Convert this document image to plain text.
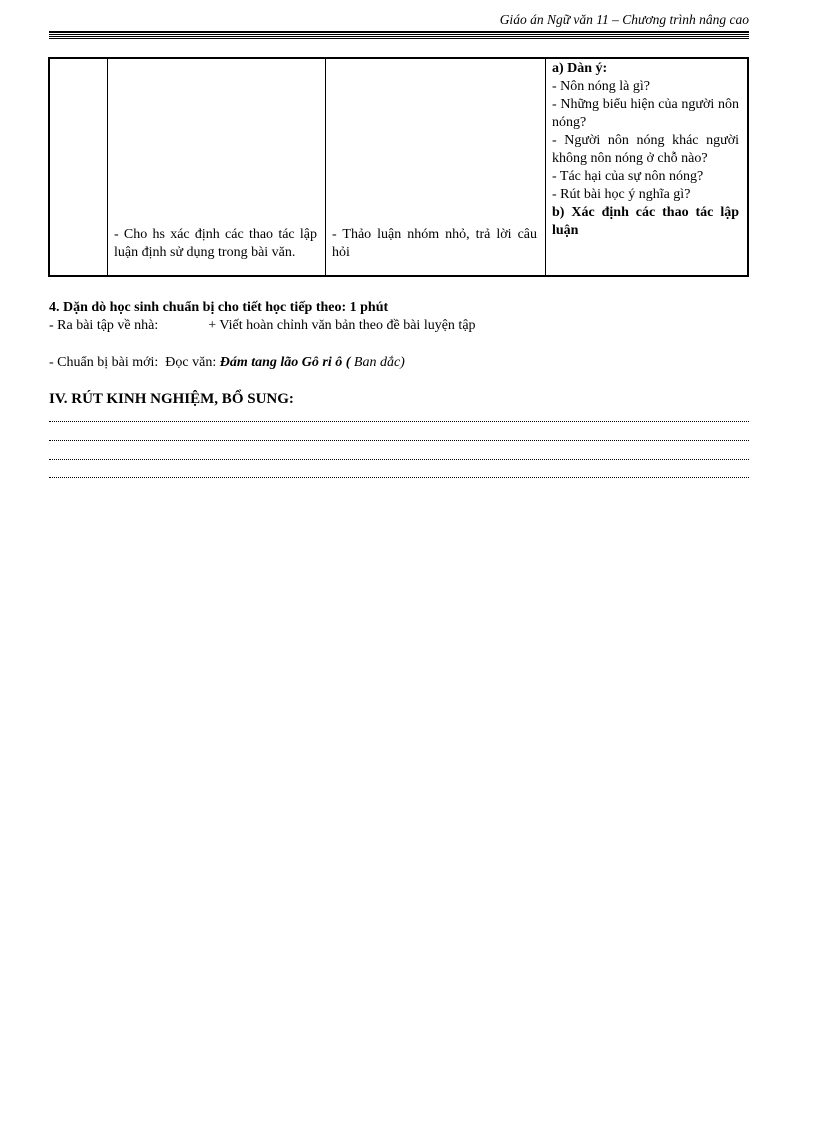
Giáo án Ngữ văn 11 – Chương trình nâng cao
- Cho hs xác định các thao tác lập luận định sử dụng trong bài văn.
- Thảo luận nhóm nhỏ, trả lời câu hỏi
a) Dàn ý:
- Nôn nóng là gì?
- Những biểu hiện của người nôn nóng?
- Người nôn nóng khác người không nôn nóng ở chỗ nào?
- Tác hại của sự nôn nóng?
- Rút bài học ý nghĩa gì?
b) Xác định các thao tác lập luận
4. Dặn dò học sinh chuẩn bị cho tiết học tiếp theo: 1 phút
- Ra bài tập về nhà:	+ Viết hoàn chỉnh văn bản theo đề bài luyện tập
- Chuẩn bị bài mới: Đọc văn: Đám tang lão Gô ri ô ( Ban dắc)
IV. RÚT KINH NGHIỆM, BỔ SUNG:
